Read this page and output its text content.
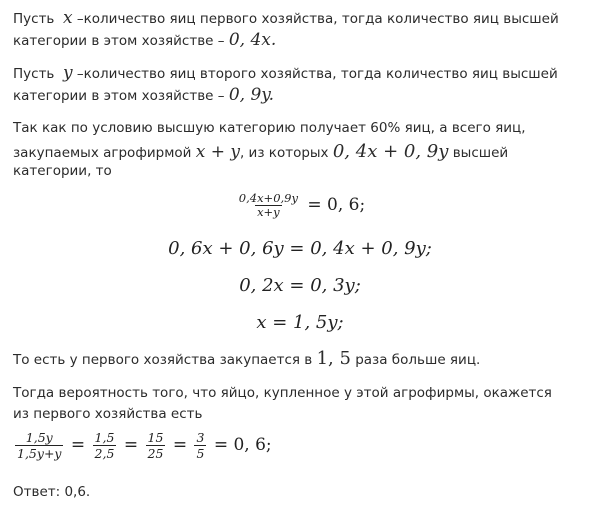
Пусть x –количество яиц первого хозяйства, тогда количество яиц высшей
категории в этом хозяйстве – 0, 4x.
Пусть y –количество яиц второго хозяйства, тогда количество яиц высшей
категории в этом хозяйстве – 0, 9y.
Так как по условию высшую категорию получает 60% яиц, а всего яиц,
закупаемых агрофирмой x + y, из которых 0, 4x + 0, 9y высшей
категории, то
$\frac{0,4x+0,9y}{x+y} = 0$, 6;
0, 6x + 0, 6y = 0, 4x + 0, 9y;
0, 2x = 0, 3y;
x = 1, 5y;
То есть у первого хозяйства закупается в 1, 5 раза больше яиц.
Тогда вероятность того, что яйцо, купленное у этой агрофирмы, окажется
из первого хозяйства есть
$\frac{1,5y}{1,5y+y} = \frac{1,5}{2,5} = \frac{15}{25} = \frac{3}{5} = 0$, 6;
Ответ: 0,6.
